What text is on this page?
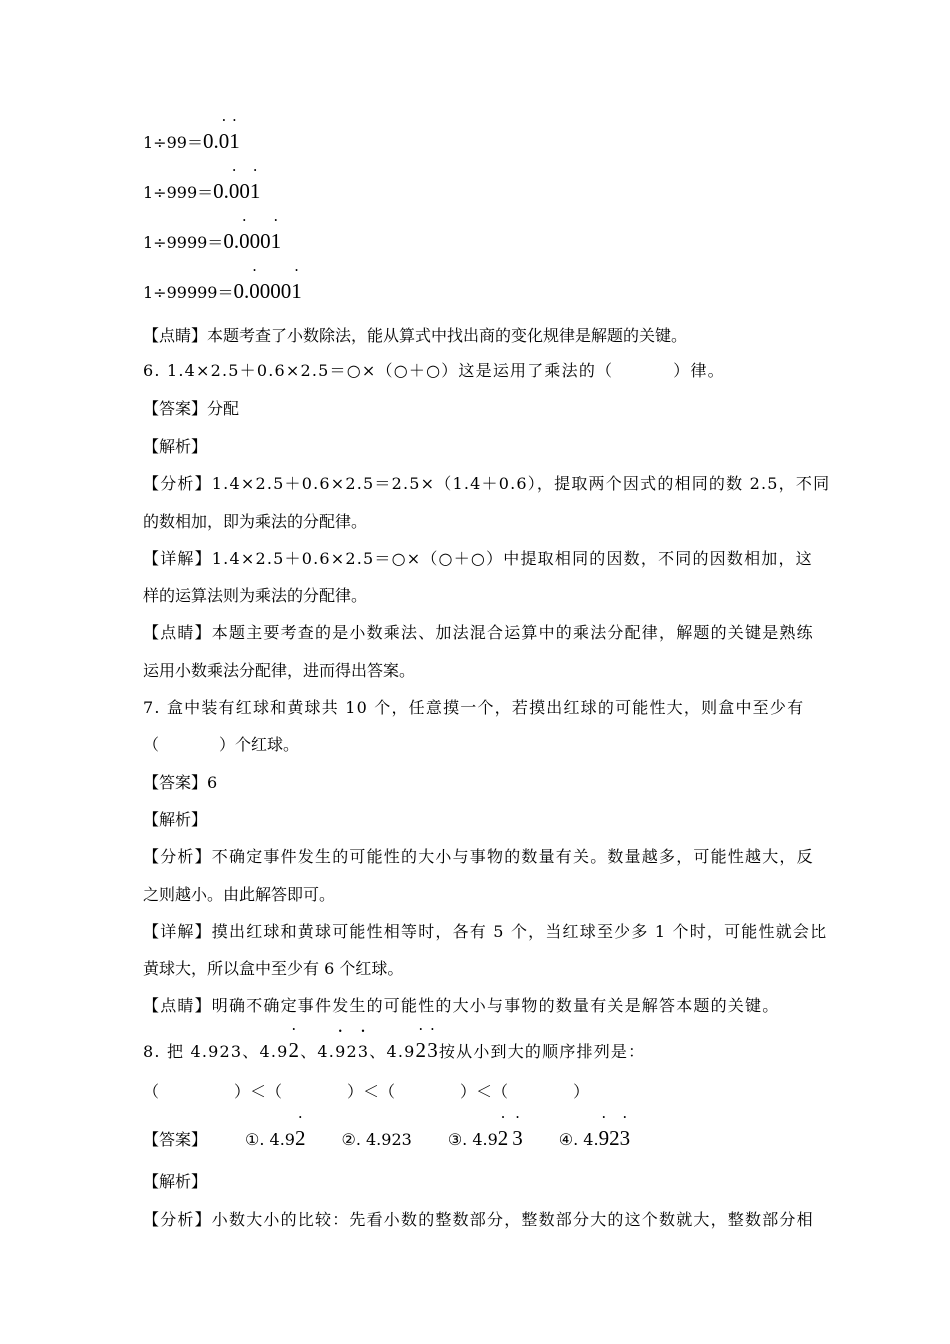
1÷99＝0.0 •1 •
1÷999＝0.0 •01 •
1÷9999＝0.0 •001 •
1÷99999＝0.0 •0001 •
【点睛】本题考查了小数除法，能从算式中找出商的变化规律是解题的关键。
6. 1.4×2.5＋0.6×2.5＝○×（○＋○）这是运用了乘法的（	）律。
【答案】分配
【解析】
【分析】1.4×2.5＋0.6×2.5＝2.5×（1.4＋0.6），提取两个因式的相同的数 2.5，不同
的数相加，即为乘法的分配律。
【详解】1.4×2.5＋0.6×2.5＝○×（○＋○）中提取相同的因数，不同的因数相加，这
样的运算法则为乘法的分配律。
【点睛】本题主要考查的是小数乘法、加法混合运算中的乘法分配律，解题的关键是熟练
运用小数乘法分配律，进而得出答案。
7. 盒中装有红球和黄球共 10 个，任意摸一个，若摸出红球的可能性大，则盒中至少有
（	）个红球。
【答案】6
【解析】
【分析】不确定事件发生的可能性的大小与事物的数量有关。数量越多，可能性越大，反
之则越小。由此解答即可。
【详解】摸出红球和黄球可能性相等时，各有 5 个，当红球至少多 1 个时，可能性就会比
黄球大，所以盒中至少有 6 个红球。
【点睛】明确不确定事件发生的可能性的大小与事物的数量有关是解答本题的关键。
8. 把 4.923、4.92 •、4.9 •23 •、4.92 •3 •按从小到大的顺序排列是：
（	）＜（	）＜（	）＜（	）
【答案】 ①. 4.92 • ②. 4.923 ③. 4.92 • 3 • ④. 4.9 •23 •
【解析】
【分析】小数大小的比较：先看小数的整数部分，整数部分大的这个数就大，整数部分相
